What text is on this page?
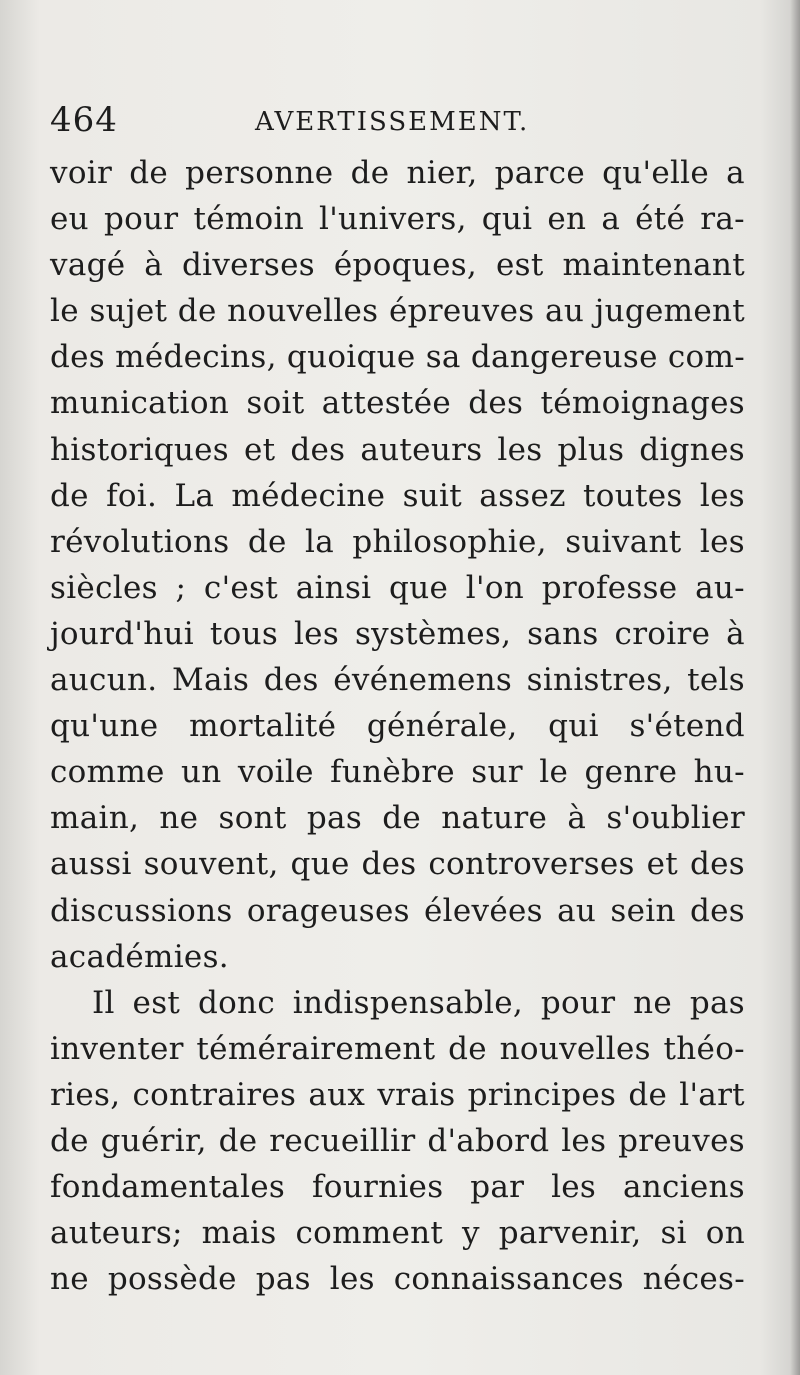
464	AVERTISSEMENT.
voir de personne de nier, parce qu'elle a
eu pour témoin l'univers, qui en a été ra-
vagé à diverses époques, est maintenant
le sujet de nouvelles épreuves au jugement
des médecins, quoique sa dangereuse com-
munication soit attestée des témoignages
historiques et des auteurs les plus dignes
de foi. La médecine suit assez toutes les
révolutions de la philosophie, suivant les
siècles ; c'est ainsi que l'on professe au-
jourd'hui tous les systèmes, sans croire à
aucun. Mais des événemens sinistres, tels
qu'une mortalité générale, qui s'étend
comme un voile funèbre sur le genre hu-
main, ne sont pas de nature à s'oublier
aussi souvent, que des controverses et des
discussions orageuses élevées au sein des
académies.
Il est donc indispensable, pour ne pas
inventer témérairement de nouvelles théo-
ries, contraires aux vrais principes de l'art
de guérir, de recueillir d'abord les preuves
fondamentales fournies par les anciens
auteurs; mais comment y parvenir, si on
ne possède pas les connaissances néces-
